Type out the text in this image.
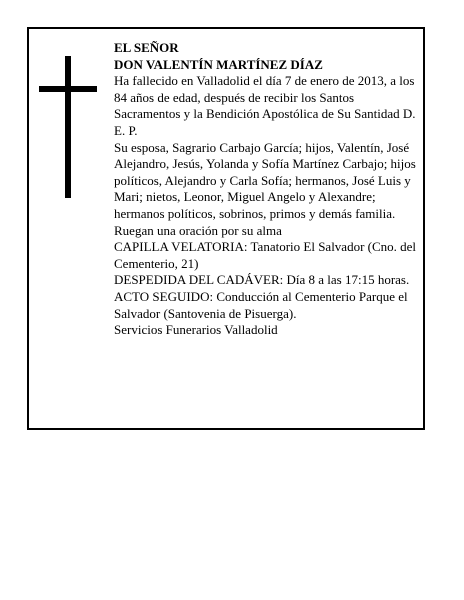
EL SEÑOR

DON VALENTÍN MARTÍNEZ DÍAZ

Ha fallecido en Valladolid el día 7 de enero de 2013, a los 84 años de edad, después de recibir los Santos Sacramentos y la Bendición Apostólica de Su Santidad D. E. P.

Su esposa, Sagrario Carbajo García; hijos, Valentín, José Alejandro, Jesús, Yolanda y Sofía Martínez Carbajo; hijos políticos, Alejandro y Carla Sofía; hermanos, José Luis y Mari; nietos, Leonor, Miguel Angelo y Alexandre; hermanos políticos, sobrinos, primos y demás familia.

Ruegan una oración por su alma

CAPILLA VELATORIA: Tanatorio El Salvador (Cno. del Cementerio, 21)

DESPEDIDA DEL CADÁVER: Día 8 a las 17:15 horas.

ACTO SEGUIDO: Conducción al Cementerio Parque el Salvador (Santovenia de Pisuerga).

Servicios Funerarios Valladolid
